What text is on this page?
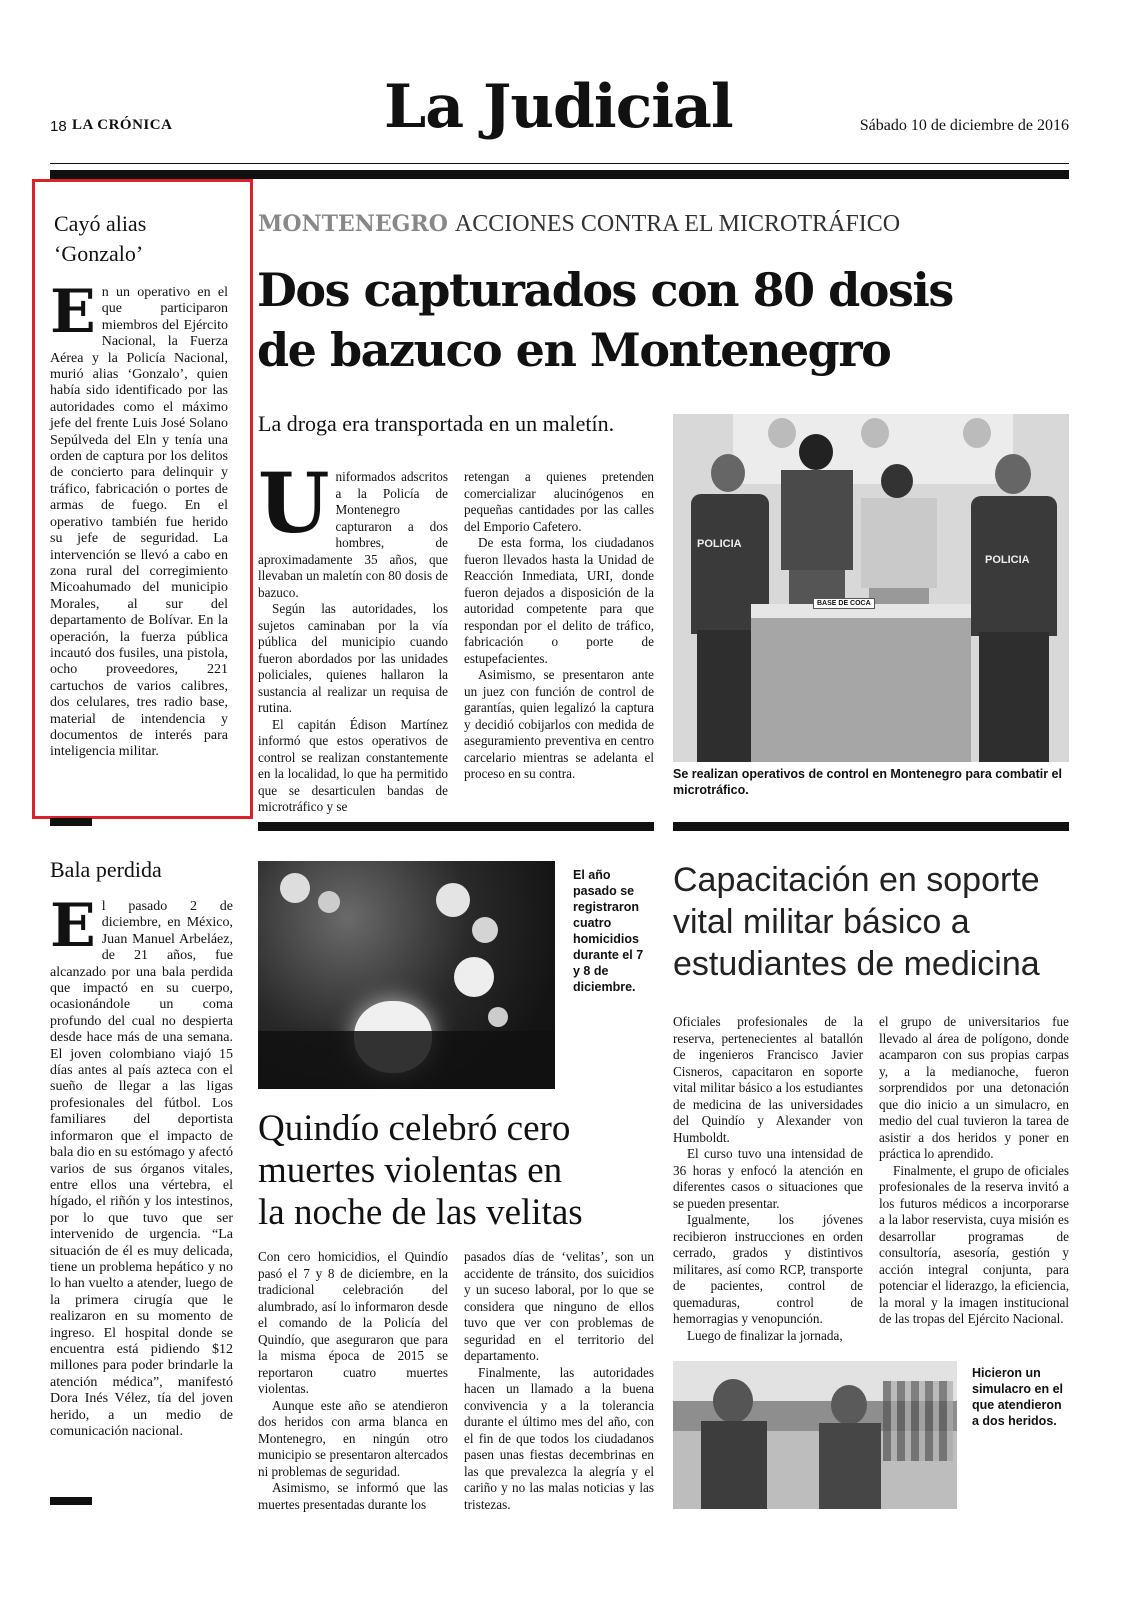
18 LA CRÓNICA	La Judicial	Sábado 10 de diciembre de 2016
Cayó alias
‘Gonzalo’
E n un operativo en el que participaron miembros del Ejército Nacional, la Fuerza Aérea y la Policía Nacional, murió alias ‘Gonzalo’, quien había sido identificado por las autoridades como el máximo jefe del frente Luis José Solano Sepúlveda del Eln y tenía una orden de captura por los delitos de concierto para delinquir y tráfico, fabricación o portes de armas de fuego. En el operativo también fue herido su jefe de seguridad. La intervención se llevó a cabo en zona rural del corregimiento Micoahumado del municipio Morales, al sur del departamento de Bolívar. En la operación, la fuerza pública incautó dos fusiles, una pistola, ocho proveedores, 221 cartuchos de varios calibres, dos celulares, tres radio base, material de intendencia y documentos de interés para inteligencia militar.

Bala perdida
E l pasado 2 de diciembre, en México, Juan Manuel Arbeláez, de 21 años, fue alcanzado por una bala perdida que impactó en su cuerpo, ocasionándole un coma profundo del cual no despierta desde hace más de una semana. El joven colombiano viajó 15 días antes al país azteca con el sueño de llegar a las ligas profesionales del fútbol. Los familiares del deportista informaron que el impacto de bala dio en su estómago y afectó varios de sus órganos vitales, entre ellos una vértebra, el hígado, el riñón y los intestinos, por lo que tuvo que ser intervenido de urgencia. “La situación de él es muy delicada, tiene un problema hepático y no lo han vuelto a atender, luego de la primera cirugía que le realizaron en su momento de ingreso. El hospital donde se encuentra está pidiendo $12 millones para poder brindarle la atención médica”, manifestó Dora Inés Vélez, tía del joven herido, a un medio de comunicación nacional.

MONTENEGRO ACCIONES CONTRA EL MICROTRÁFICO
Dos capturados con 80 dosis
de bazuco en Montenegro
La droga era transportada en un maletín.
U niformados adscritos a la Policía de Montenegro capturaron a dos hombres, de aproximadamente 35 años, que llevaban un maletín con 80 dosis de bazuco.

Según las autoridades, los sujetos caminaban por la vía pública del municipio cuando fueron abordados por las unidades policiales, quienes hallaron la sustancia al realizar un requisa de rutina.

El capitán Édison Martínez informó que estos operativos de control se realizan constantemente en la localidad, lo que ha permitido que se desarticulen bandas de microtráfico y se

retengan a quienes pretenden comercializar alucinógenos en pequeñas cantidades por las calles del Emporio Cafetero.

De esta forma, los ciudadanos fueron llevados hasta la Unidad de Reacción Inmediata, URI, donde fueron dejados a disposición de la autoridad competente para que respondan por el delito de tráfico, fabricación o porte de estupefacientes.

Asimismo, se presentaron ante un juez con función de control de garantías, quien legalizó la captura y decidió cobijarlos con medida de aseguramiento preventiva en centro carcelario mientras se adelanta el proceso en su contra.

POLICIA
POLICIA
BASE DE COCA
Se realizan operativos de control en Montenegro para combatir el microtráfico.
El año pasado se registraron cuatro homicidios durante el 7 y 8 de diciembre.
Quindío celebró cero
muertes violentas en
la noche de las velitas

Con cero homicidios, el Quindío pasó el 7 y 8 de diciembre, en la tradicional celebración del alumbrado, así lo informaron desde el comando de la Policía del Quindío, que aseguraron que para la misma época de 2015 se reportaron cuatro muertes violentas.

Aunque este año se atendieron dos heridos con arma blanca en Montenegro, en ningún otro municipio se presentaron altercados ni problemas de seguridad.

Asimismo, se informó que las muertes presentadas durante los

pasados días de ‘velitas’, son un accidente de tránsito, dos suicidios y un suceso laboral, por lo que se considera que ninguno de ellos tuvo que ver con problemas de seguridad en el territorio del departamento.

Finalmente, las autoridades hacen un llamado a la buena convivencia y a la tolerancia durante el último mes del año, con el fin de que todos los ciudadanos pasen unas fiestas decembrinas en las que prevalezca la alegría y el cariño y no las malas noticias y las tristezas.

Capacitación en soporte
vital militar básico a
estudiantes de medicina

Oficiales profesionales de la reserva, pertenecientes al batallón de ingenieros Francisco Javier Cisneros, capacitaron en soporte vital militar básico a los estudiantes de medicina de las universidades del Quindío y Alexander von Humboldt.

El curso tuvo una intensidad de 36 horas y enfocó la atención en diferentes casos o situaciones que se pueden presentar.

Igualmente, los jóvenes recibieron instrucciones en orden cerrado, grados y distintivos militares, así como RCP, transporte de pacientes, control de quemaduras, control de hemorragias y venopunción.

Luego de finalizar la jornada,

el grupo de universitarios fue llevado al área de polígono, donde acamparon con sus propias carpas y, a la medianoche, fueron sorprendidos por una detonación que dio inicio a un simulacro, en medio del cual tuvieron la tarea de asistir a dos heridos y poner en práctica lo aprendido.

Finalmente, el grupo de oficiales profesionales de la reserva invitó a los futuros médicos a incorporarse a la labor reservista, cuya misión es desarrollar programas de consultoría, asesoría, gestión y acción integral conjunta, para potenciar el liderazgo, la eficiencia, la moral y la imagen institucional de las tropas del Ejército Nacional.

Hicieron un simulacro en el que atendieron a dos heridos.
